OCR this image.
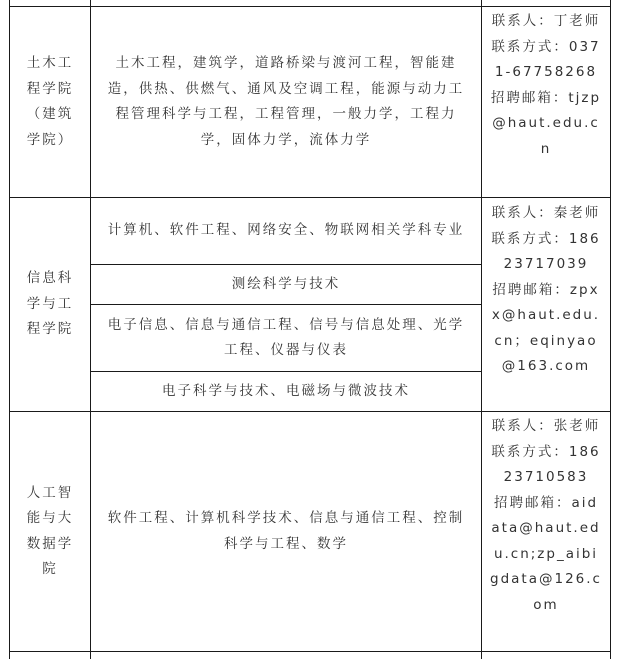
土木工程学院（建筑学院）
土木工程，建筑学，道路桥梁与渡河工程，智能建造，供热、供燃气、通风及空调工程，能源与动力工程管理科学与工程，工程管理，一般力学，工程力学，固体力学，流体力学
联系人：丁老师
联系方式：0371-67758268
招聘邮箱：tjzp@haut.edu.cn
信息科学与工程学院
计算机、软件工程、网络安全、物联网相关学科专业
测绘科学与技术
电子信息、信息与通信工程、信号与信息处理、光学工程、仪器与仪表
电子科学与技术、电磁场与微波技术
联系人：秦老师
联系方式：18623717039
招聘邮箱：zpxx@haut.edu.cn；eqinyao@163.com
人工智能与大数据学院
软件工程、计算机科学技术、信息与通信工程、控制科学与工程、数学
联系人：张老师
联系方式：18623710583
招聘邮箱：aidata@haut.edu.cn;zp_aibigdata@126.com
